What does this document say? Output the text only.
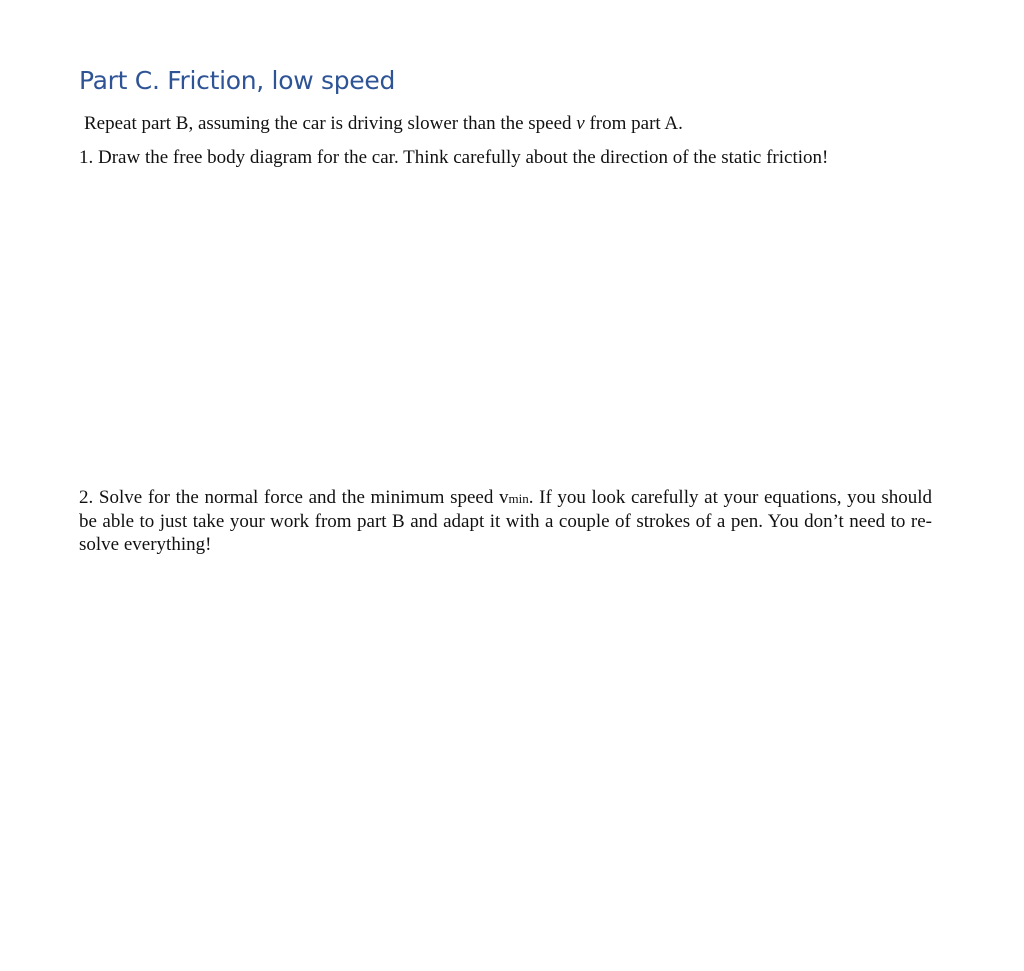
Part C. Friction, low speed

Repeat part B, assuming the car is driving slower than the speed v from part A.

1. Draw the free body diagram for the car. Think carefully about the direction of the static friction!

2. Solve for the normal force and the minimum speed vmin. If you look carefully at your equations, you should be able to just take your work from part B and adapt it with a couple of strokes of a pen. You don’t need to re-solve everything!
